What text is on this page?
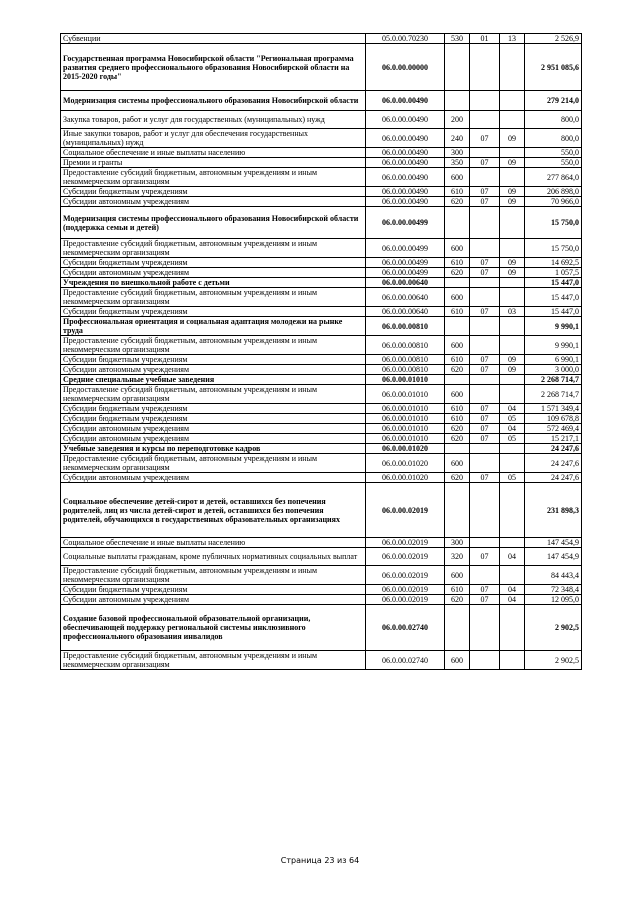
Субвенции	05.0.00.70230	530	01	13	2 526,9
Государственная программа Новосибирской области "Региональная программа развития среднего профессионального образования Новосибирской области на 2015-2020 годы"	06.0.00.00000				2 951 085,6
Модернизация системы профессионального образования Новосибирской области	06.0.00.00490				279 214,0
Закупка товаров, работ и услуг для государственных (муниципальных) нужд	06.0.00.00490	200			800,0
Иные закупки товаров, работ и услуг для обеспечения государственных (муниципальных) нужд	06.0.00.00490	240	07	09	800,0
Социальное обеспечение и иные выплаты населению	06.0.00.00490	300			550,0
Премии и гранты	06.0.00.00490	350	07	09	550,0
Предоставление субсидий бюджетным, автономным учреждениям и иным некоммерческим организациям	06.0.00.00490	600			277 864,0
Субсидии бюджетным учреждениям	06.0.00.00490	610	07	09	206 898,0
Субсидии автономным учреждениям	06.0.00.00490	620	07	09	70 966,0
Модернизация системы профессионального образования Новосибирской области (поддержка семьи и детей)	06.0.00.00499				15 750,0
Предоставление субсидий бюджетным, автономным учреждениям и иным некоммерческим организациям	06.0.00.00499	600			15 750,0
Субсидии бюджетным учреждениям	06.0.00.00499	610	07	09	14 692,5
Субсидии автономным учреждениям	06.0.00.00499	620	07	09	1 057,5
Учреждения по внешкольной работе с детьми	06.0.00.00640				15 447,0
Предоставление субсидий бюджетным, автономным учреждениям и иным некоммерческим организациям	06.0.00.00640	600			15 447,0
Субсидии бюджетным учреждениям	06.0.00.00640	610	07	03	15 447,0
Профессиональная ориентация и социальная адаптация молодежи на рынке труда	06.0.00.00810				9 990,1
Предоставление субсидий бюджетным, автономным учреждениям и иным некоммерческим организациям	06.0.00.00810	600			9 990,1
Субсидии бюджетным учреждениям	06.0.00.00810	610	07	09	6 990,1
Субсидии автономным учреждениям	06.0.00.00810	620	07	09	3 000,0
Средние специальные учебные заведения	06.0.00.01010				2 268 714,7
Предоставление субсидий бюджетным, автономным учреждениям и иным некоммерческим организациям	06.0.00.01010	600			2 268 714,7
Субсидии бюджетным учреждениям	06.0.00.01010	610	07	04	1 571 349,4
Субсидии бюджетным учреждениям	06.0.00.01010	610	07	05	109 678,8
Субсидии автономным учреждениям	06.0.00.01010	620	07	04	572 469,4
Субсидии автономным учреждениям	06.0.00.01010	620	07	05	15 217,1
Учебные заведения и курсы по переподготовке кадров	06.0.00.01020				24 247,6
Предоставление субсидий бюджетным, автономным учреждениям и иным некоммерческим организациям	06.0.00.01020	600			24 247,6
Субсидии автономным учреждениям	06.0.00.01020	620	07	05	24 247,6
Социальное обеспечение детей-сирот и детей, оставшихся без попечения родителей, лиц из числа детей-сирот и детей, оставшихся без попечения родителей, обучающихся в государственных образовательных организациях	06.0.00.02019				231 898,3
Социальное обеспечение и иные выплаты населению	06.0.00.02019	300			147 454,9
Социальные выплаты гражданам, кроме публичных нормативных социальных выплат	06.0.00.02019	320	07	04	147 454,9
Предоставление субсидий бюджетным, автономным учреждениям и иным некоммерческим организациям	06.0.00.02019	600			84 443,4
Субсидии бюджетным учреждениям	06.0.00.02019	610	07	04	72 348,4
Субсидии автономным учреждениям	06.0.00.02019	620	07	04	12 095,0
Создание базовой профессиональной образовательной организации, обеспечивающей поддержку региональной системы инклюзивного профессионального образования инвалидов	06.0.00.02740				2 902,5
Предоставление субсидий бюджетным, автономным учреждениям и иным некоммерческим организациям	06.0.00.02740	600			2 902,5
Страница 23 из 64
